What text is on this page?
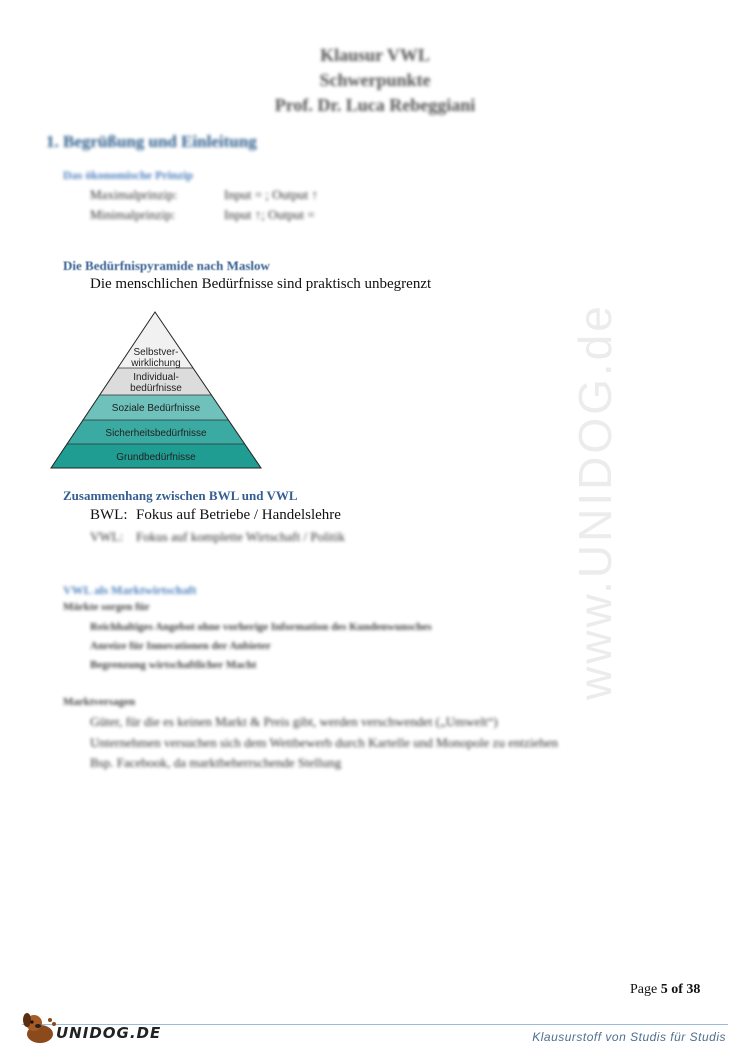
www.UNIDOG.de
Klausur VWL
Schwerpunkte
Prof. Dr. Luca Rebeggiani
1. Begrüßung und Einleitung
Das ökonomische Prinzip
Maximalprinzip:	Input = ; Output ↑
Minimalprinzip:	Input ↑; Output =
Die Bedürfnispyramide nach Maslow
Die menschlichen Bedürfnisse sind praktisch unbegrenzt
Selbstver-
wirklichung
Individual-
bedürfnisse
Soziale Bedürfnisse
Sicherheitsbedürfnisse
Grundbedürfnisse
Zusammenhang zwischen BWL und VWL
BWL: Fokus auf Betriebe / Handelslehre
VWL: Fokus auf komplette Wirtschaft / Politik
VWL als Marktwirtschaft
Märkte sorgen für
Reichhaltiges Angebot ohne vorherige Information des Kundenwunsches
Anreize für Innovationen der Anbieter
Begrenzung wirtschaftlicher Macht
Marktversagen
Güter, für die es keinen Markt & Preis gibt, werden verschwendet („Umwelt“)
Unternehmen versuchen sich dem Wettbewerb durch Kartelle und Monopole zu entziehen
Bsp. Facebook, da marktbeherrschende Stellung
Page 5 of 38
UNIDOG.DE	Klausurstoff von Studis für Studis
